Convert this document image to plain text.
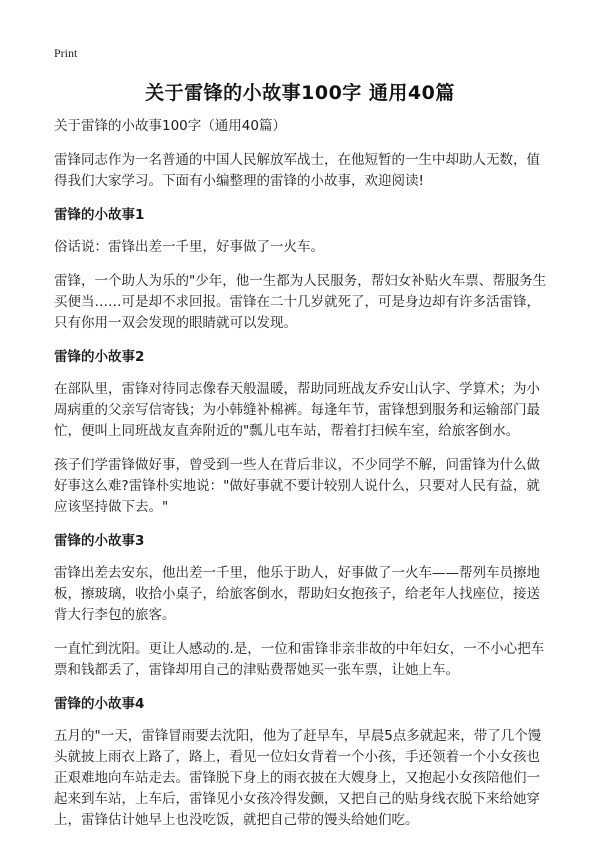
Print
关于雷锋的小故事100字 通用40篇

关于雷锋的小故事100字（通用40篇）

雷锋同志作为一名普通的中国人民解放军战士，在他短暂的一生中却助人无数，值得我们大家学习。下面有小编整理的雷锋的小故事，欢迎阅读!

雷锋的小故事1

俗话说：雷锋出差一千里，好事做了一火车。

雷锋，一个助人为乐的"少年，他一生都为人民服务，帮妇女补贴火车票、帮服务生买便当……可是却不求回报。雷锋在二十几岁就死了，可是身边却有许多活雷锋，只有你用一双会发现的眼睛就可以发现。

雷锋的小故事2

在部队里，雷锋对待同志像春天般温暖，帮助同班战友乔安山认字、学算术；为小周病重的父亲写信寄钱；为小韩缝补棉裤。每逢年节，雷锋想到服务和运输部门最忙，便叫上同班战友直奔附近的"瓢儿屯车站，帮着打扫候车室，给旅客倒水。

孩子们学雷锋做好事，曾受到一些人在背后非议，不少同学不解，问雷锋为什么做好事这么难?雷锋朴实地说："做好事就不要计较别人说什么，只要对人民有益，就应该坚持做下去。"

雷锋的小故事3

雷锋出差去安东，他出差一千里，他乐于助人，好事做了一火车——帮列车员擦地板，擦玻璃，收拾小桌子，给旅客倒水，帮助妇女抱孩子，给老年人找座位，接送背大行李包的旅客。

一直忙到沈阳。更让人感动的.是，一位和雷锋非亲非故的中年妇女，一不小心把车票和钱都丢了，雷锋却用自己的津贴费帮她买一张车票，让她上车。

雷锋的小故事4

五月的"一天，雷锋冒雨要去沈阳，他为了赶早车，早晨5点多就起来，带了几个馒头就披上雨衣上路了，路上，看见一位妇女背着一个小孩，手还领着一个小女孩也正艰难地向车站走去。雷锋脱下身上的雨衣披在大嫂身上，又抱起小女孩陪他们一起来到车站，上车后，雷锋见小女孩冷得发颤，又把自己的贴身线衣脱下来给她穿上，雷锋估计她早上也没吃饭，就把自己带的馒头给她们吃。
